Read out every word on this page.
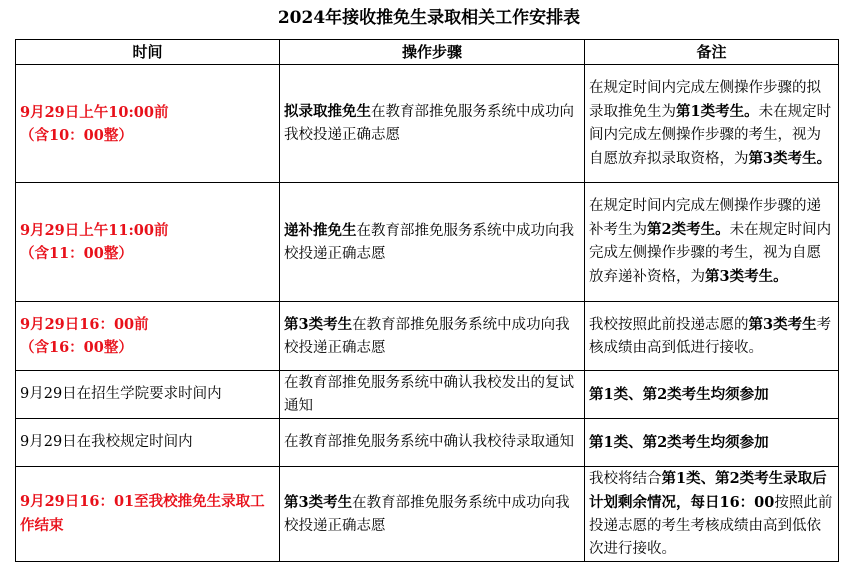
2024年接收推免生录取相关工作安排表
时间	操作步骤	备注

9月29日上午10:00前
（含10：00整）	拟录取推免生在教育部推免服务系统中成功向我校投递正确志愿	在规定时间内完成左侧操作步骤的拟录取推免生为第1类考生。未在规定时间内完成左侧操作步骤的考生，视为自愿放弃拟录取资格，为第3类考生。

9月29日上午11:00前
（含11：00整）	递补推免生在教育部推免服务系统中成功向我校投递正确志愿	在规定时间内完成左侧操作步骤的递补考生为第2类考生。未在规定时间内完成左侧操作步骤的考生，视为自愿放弃递补资格，为第3类考生。

9月29日16：00前
（含16：00整）	第3类考生在教育部推免服务系统中成功向我校投递正确志愿	我校按照此前投递志愿的第3类考生考核成绩由高到低进行接收。
9月29日在招生学院要求时间内	在教育部推免服务系统中确认我校发出的复试通知	第1类、第2类考生均须参加
9月29日在我校规定时间内	在教育部推免服务系统中确认我校待录取通知	第1类、第2类考生均须参加
9月29日16：01至我校推免生录取工作结束	第3类考生在教育部推免服务系统中成功向我校投递正确志愿	我校将结合第1类、第2类考生录取后计划剩余情况，每日16：00按照此前投递志愿的考生考核成绩由高到低依次进行接收。
